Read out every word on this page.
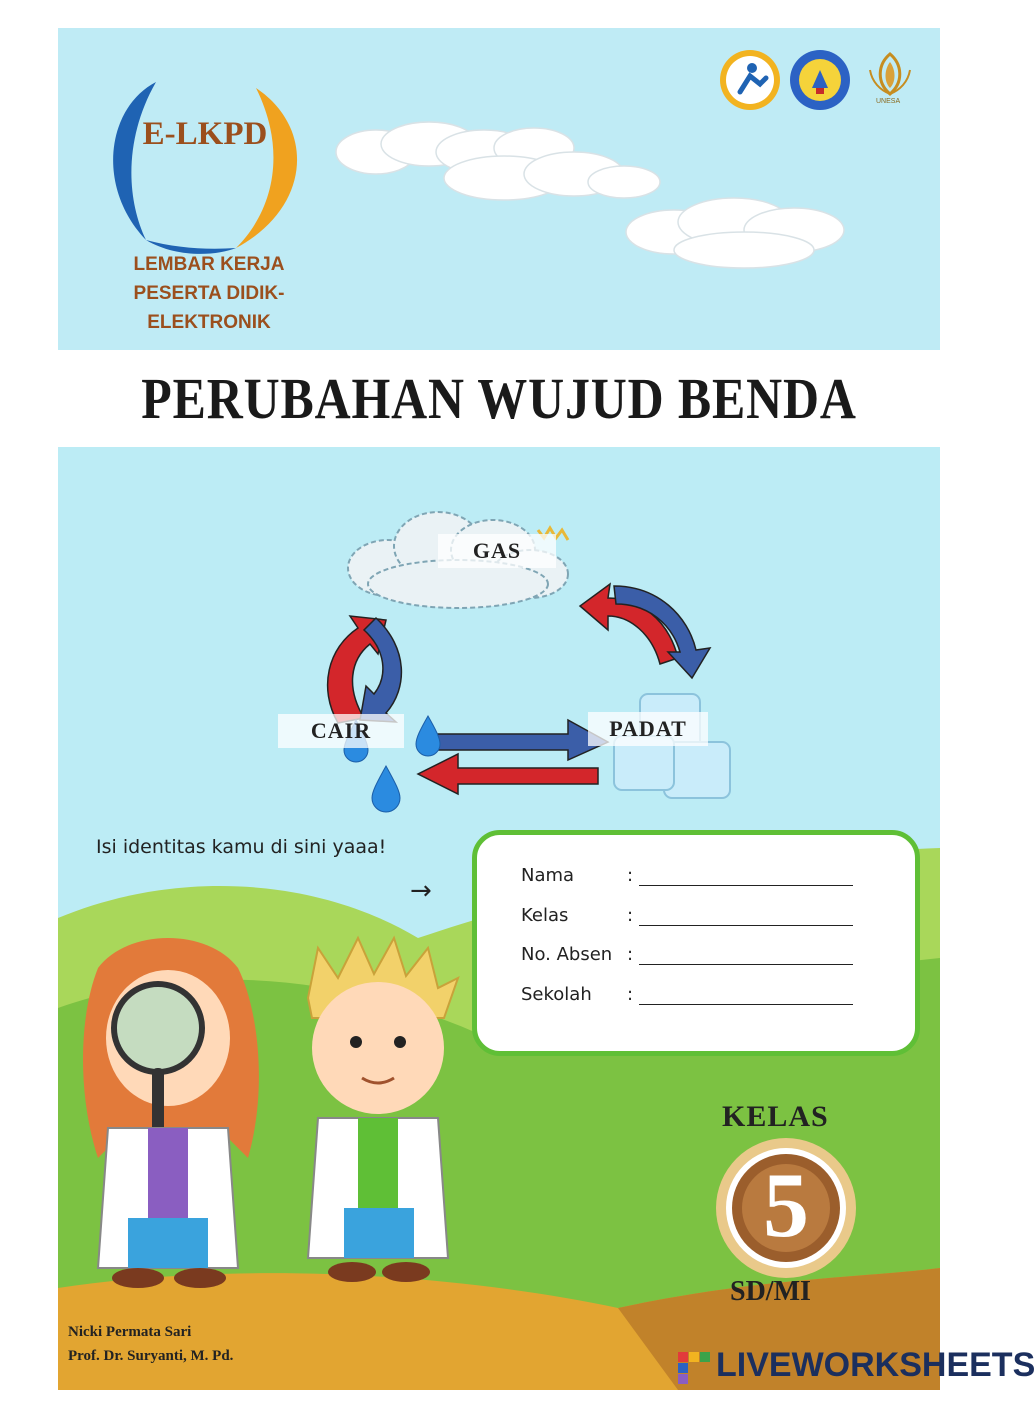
E-LKPD
LEMBAR KERJA
PESERTA DIDIK-
ELEKTRONIK
UNESA
PERUBAHAN WUJUD BENDA
GAS
CAIR	PADAT
Isi identitas kamu di sini yaaa!
→
Nama	:
Kelas	:
No. Absen :
Sekolah	:
KELAS
5
SD/MI
Nicki Permata Sari
Prof. Dr. Suryanti, M. Pd.	LIVEWORKSHEETS
